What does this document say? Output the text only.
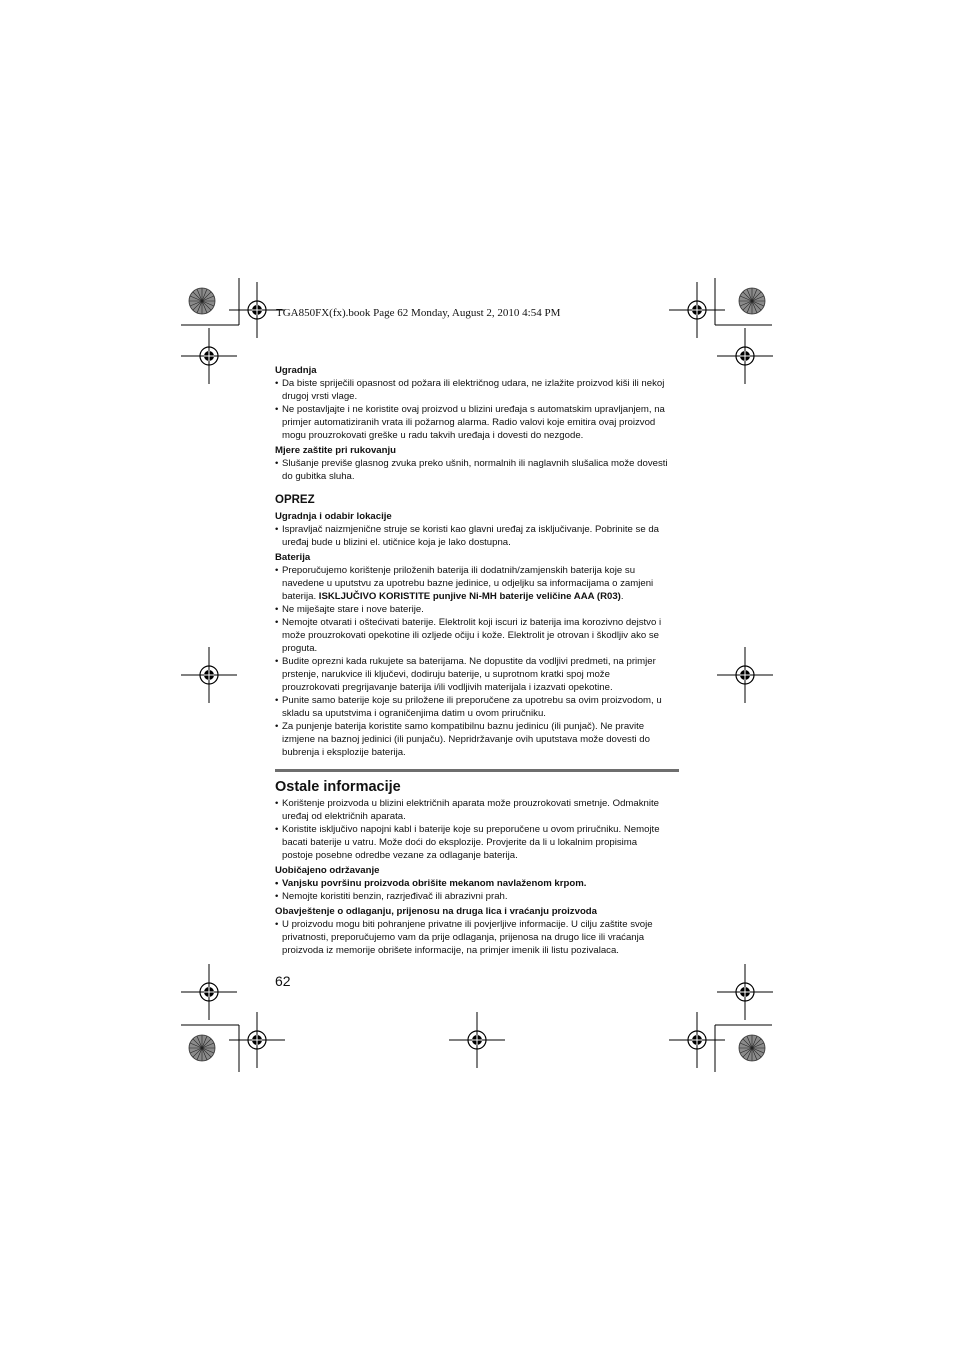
TGA850FX(fx).book Page 62 Monday, August 2, 2010 4:54 PM
Ugradnja
• Da biste spriječili opasnost od požara ili električnog udara, ne izlažite proizvod kiši ili nekoj
drugoj vrsti vlage.
• Ne postavljajte i ne koristite ovaj proizvod u blizini uređaja s automatskim upravljanjem, na
primjer automatiziranih vrata ili požarnog alarma. Radio valovi koje emitira ovaj proizvod
mogu prouzrokovati greške u radu takvih uređaja i dovesti do nezgode.
Mjere zaštite pri rukovanju
• Slušanje previše glasnog zvuka preko ušnih, normalnih ili naglavnih slušalica može dovesti
do gubitka sluha.
OPREZ
Ugradnja i odabir lokacije
• Ispravljač naizmjenične struje se koristi kao glavni uređaj za isključivanje. Pobrinite se da
uređaj bude u blizini el. utičnice koja je lako dostupna.
Baterija
• Preporučujemo korištenje priloženih baterija ili dodatnih/zamjenskih baterija koje su
navedene u uputstvu za upotrebu bazne jedinice, u odjeljku sa informacijama o zamjeni
baterija. ISKLJUČIVO KORISTITE punjive Ni-MH baterije veličine AAA (R03).
• Ne miješajte stare i nove baterije.
• Nemojte otvarati i oštećivati baterije. Elektrolit koji iscuri iz baterija ima korozivno dejstvo i
može prouzrokovati opekotine ili ozljede očiju i kože. Elektrolit je otrovan i škodljiv ako se
proguta.
• Budite oprezni kada rukujete sa baterijama. Ne dopustite da vodljivi predmeti, na primjer
prstenje, narukvice ili ključevi, dodiruju baterije, u suprotnom kratki spoj može
prouzrokovati pregrijavanje baterija i/ili vodljivih materijala i izazvati opekotine.
• Punite samo baterije koje su priložene ili preporučene za upotrebu sa ovim proizvodom, u
skladu sa uputstvima i ograničenjima datim u ovom priručniku.
• Za punjenje baterija koristite samo kompatibilnu baznu jedinicu (ili punjač). Ne pravite
izmjene na baznoj jedinici (ili punjaču). Nepridržavanje ovih uputstava može dovesti do
bubrenja i eksplozije baterija.
Ostale informacije
• Korištenje proizvoda u blizini električnih aparata može prouzrokovati smetnje. Odmaknite
uređaj od električnih aparata.
• Koristite isključivo napojni kabl i baterije koje su preporučene u ovom priručniku. Nemojte
bacati baterije u vatru. Može doći do eksplozije. Provjerite da li u lokalnim propisima
postoje posebne odredbe vezane za odlaganje baterija.
Uobičajeno održavanje
• Vanjsku površinu proizvoda obrišite mekanom navlaženom krpom.
• Nemojte koristiti benzin, razrjeđivač ili abrazivni prah.
Obavještenje o odlaganju, prijenosu na druga lica i vraćanju proizvoda
• U proizvodu mogu biti pohranjene privatne ili povjerljive informacije. U cilju zaštite svoje
privatnosti, preporučujemo vam da prije odlaganja, prijenosa na drugo lice ili vraćanja
proizvoda iz memorije obrišete informacije, na primjer imenik ili listu pozivalaca.
62
